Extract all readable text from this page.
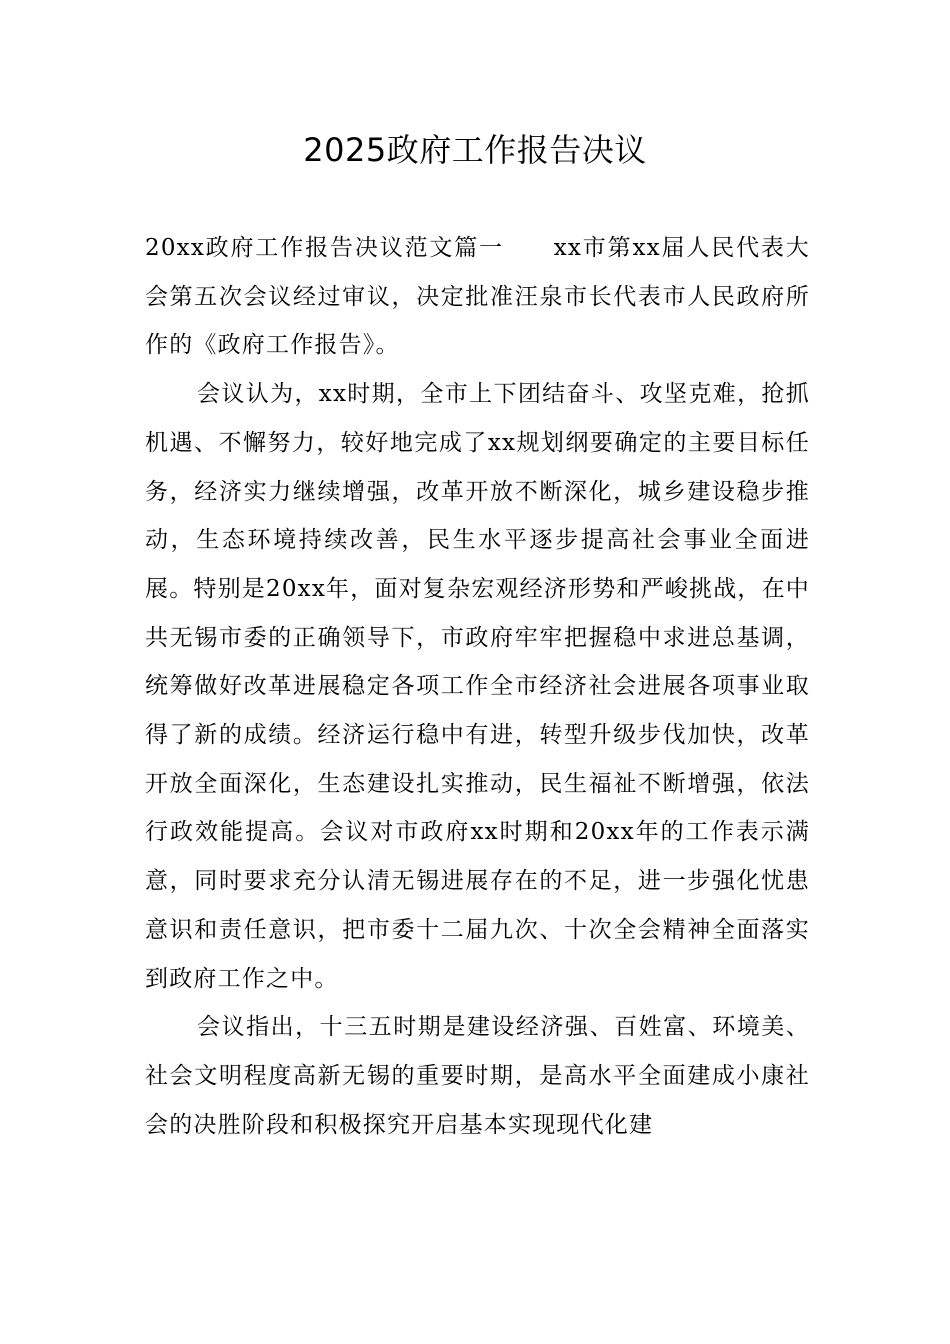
2025政府工作报告决议

20xx政府工作报告决议范文篇一　　xx市第xx届人民代表大会第五次会议经过审议，决定批准汪泉市长代表市人民政府所作的《政府工作报告》。

会议认为，xx时期，全市上下团结奋斗、攻坚克难，抢抓机遇、不懈努力，较好地完成了xx规划纲要确定的主要目标任务，经济实力继续增强，改革开放不断深化，城乡建设稳步推动，生态环境持续改善，民生水平逐步提高社会事业全面进展。特别是20xx年，面对复杂宏观经济形势和严峻挑战，在中共无锡市委的正确领导下，市政府牢牢把握稳中求进总基调，统筹做好改革进展稳定各项工作全市经济社会进展各项事业取得了新的成绩。经济运行稳中有进，转型升级步伐加快，改革开放全面深化，生态建设扎实推动，民生福祉不断增强，依法行政效能提高。会议对市政府xx时期和20xx年的工作表示满意，同时要求充分认清无锡进展存在的不足，进一步强化忧患意识和责任意识，把市委十二届九次、十次全会精神全面落实到政府工作之中。

会议指出，十三五时期是建设经济强、百姓富、环境美、社会文明程度高新无锡的重要时期，是高水平全面建成小康社会的决胜阶段和积极探究开启基本实现现代化建
